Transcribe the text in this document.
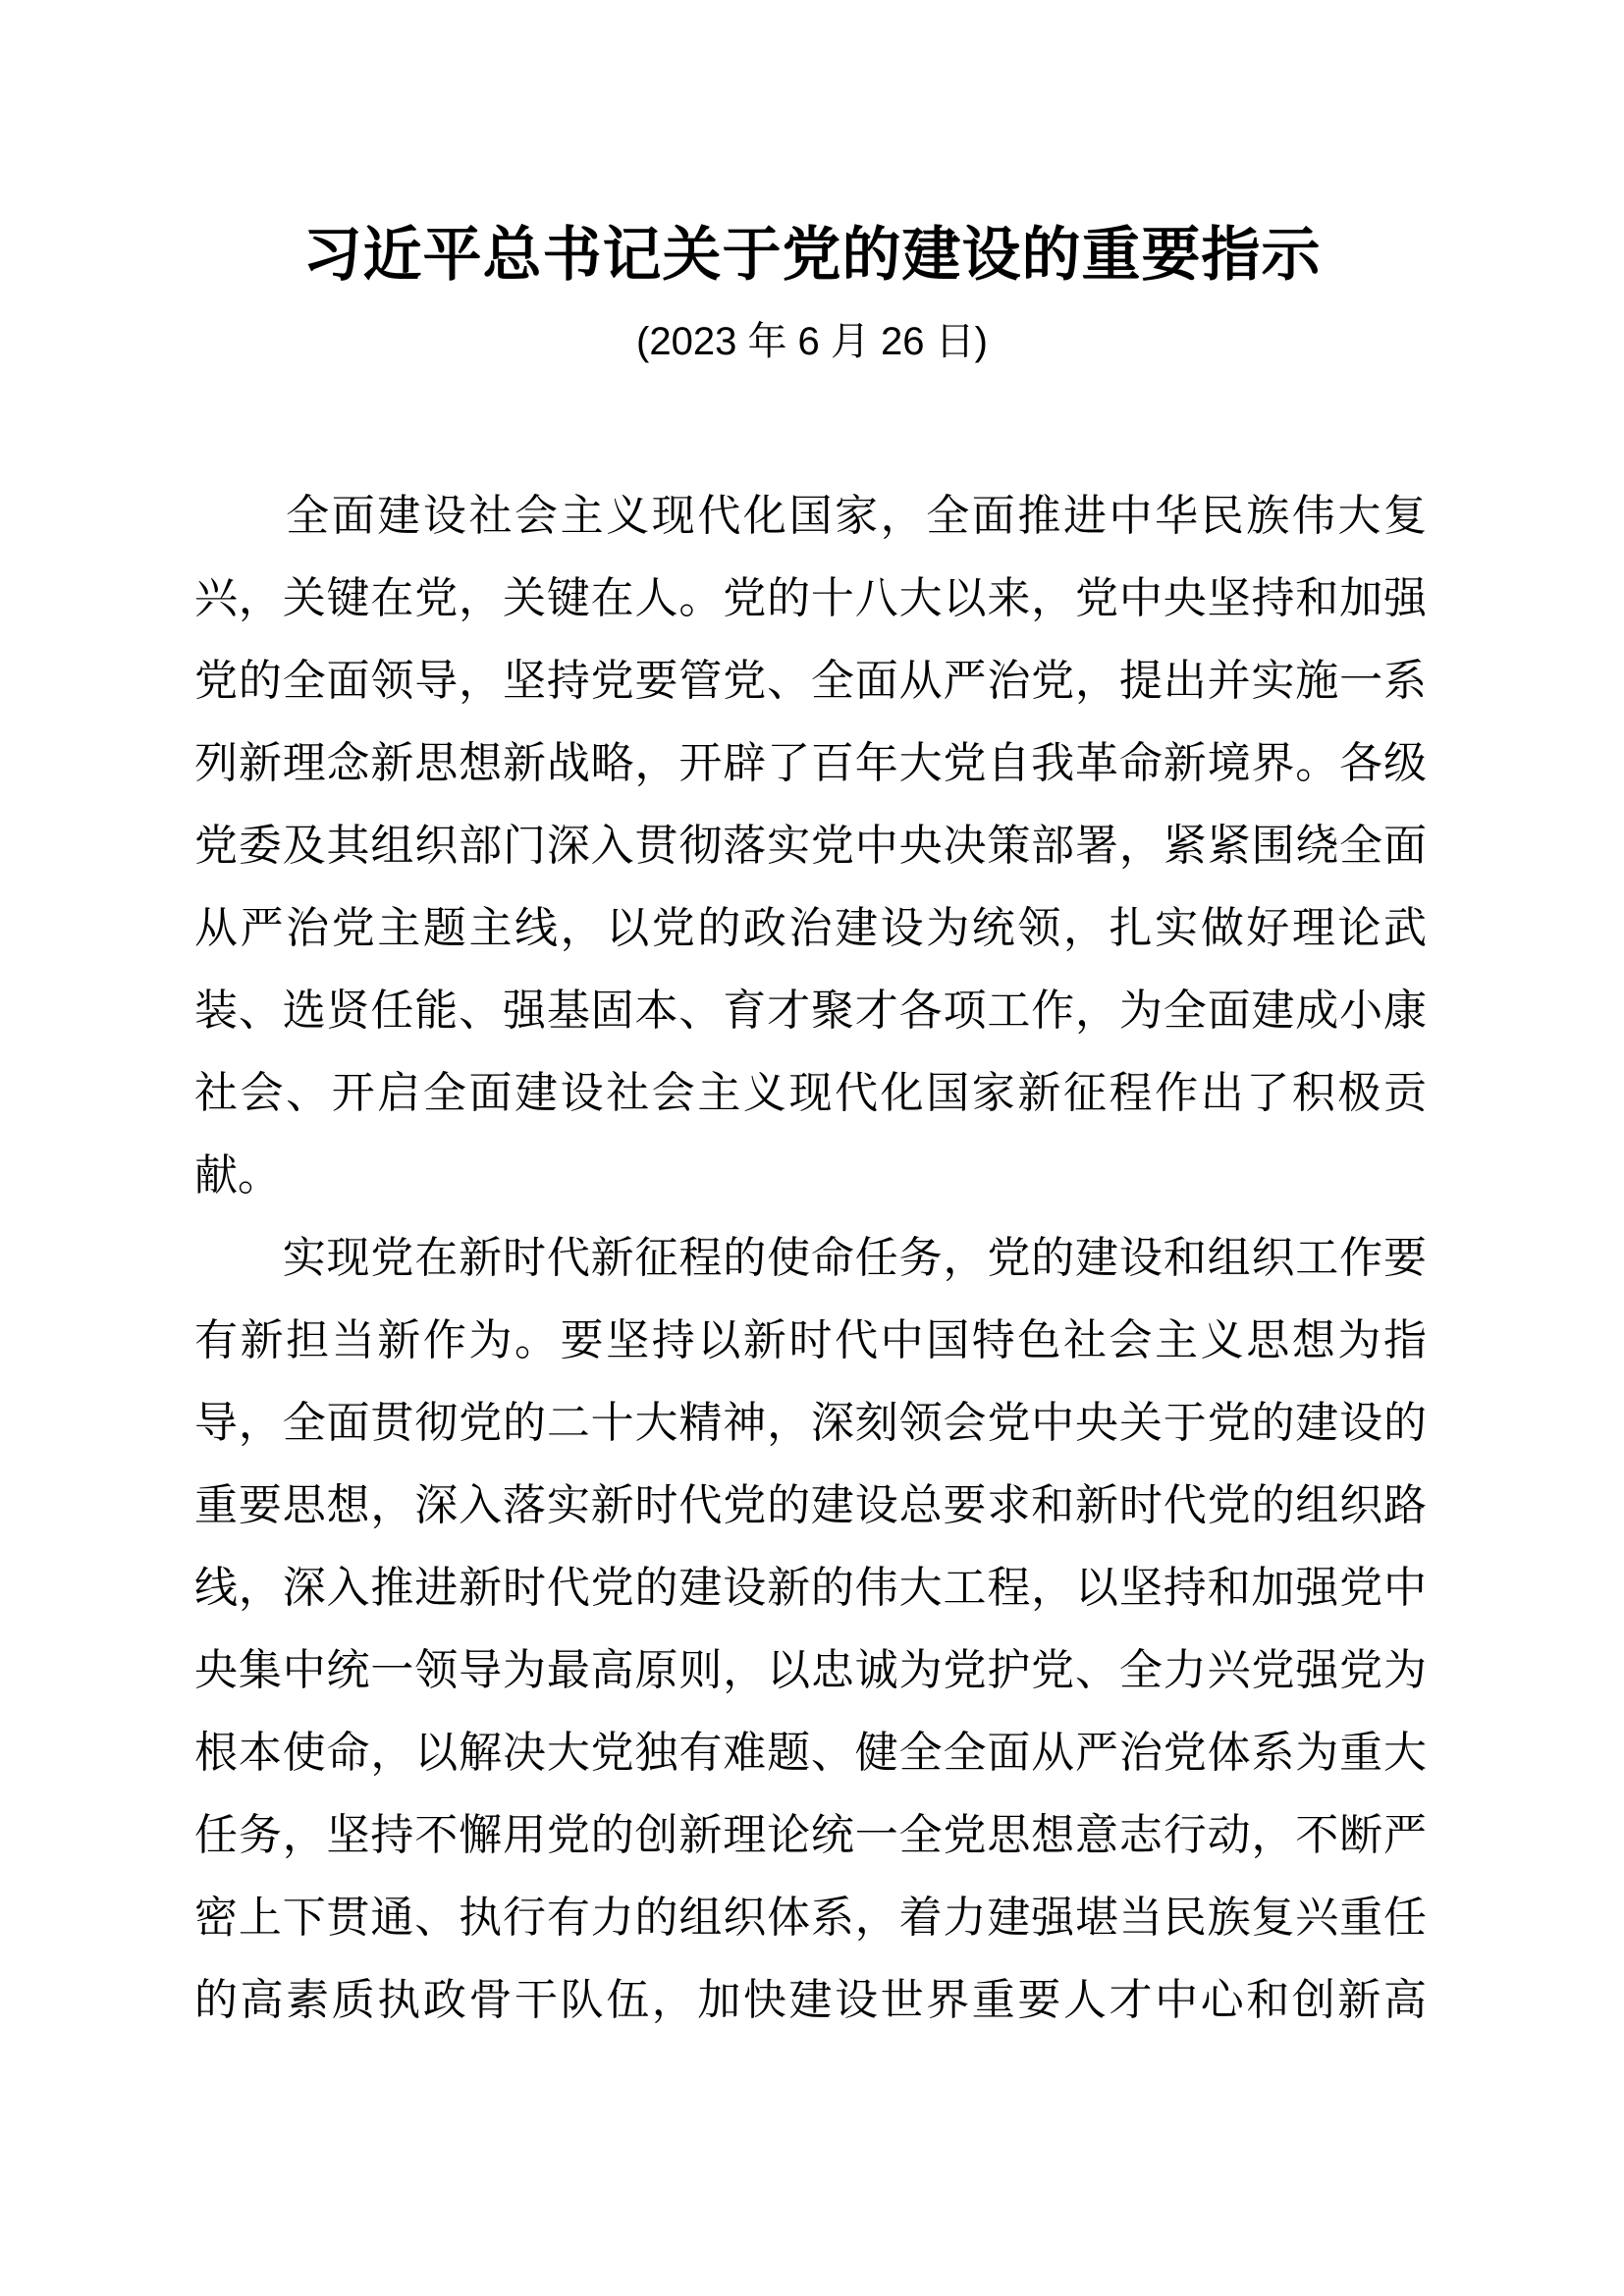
习近平总书记关于党的建设的重要指示
(2023 年 6 月 26 日)

　　全面建设社会主义现代化国家，全面推进中华民族伟大复
兴，关键在党，关键在人。党的十八大以来，党中央坚持和加强
党的全面领导，坚持党要管党、全面从严治党，提出并实施一系
列新理念新思想新战略，开辟了百年大党自我革命新境界。各级
党委及其组织部门深入贯彻落实党中央决策部署，紧紧围绕全面
从严治党主题主线，以党的政治建设为统领，扎实做好理论武
装、选贤任能、强基固本、育才聚才各项工作，为全面建成小康
社会、开启全面建设社会主义现代化国家新征程作出了积极贡
献。

　　实现党在新时代新征程的使命任务，党的建设和组织工作要
有新担当新作为。要坚持以新时代中国特色社会主义思想为指
导，全面贯彻党的二十大精神，深刻领会党中央关于党的建设的
重要思想，深入落实新时代党的建设总要求和新时代党的组织路
线，深入推进新时代党的建设新的伟大工程，以坚持和加强党中
央集中统一领导为最高原则，以忠诚为党护党、全力兴党强党为
根本使命，以解决大党独有难题、健全全面从严治党体系为重大
任务，坚持不懈用党的创新理论统一全党思想意志行动，不断严
密上下贯通、执行有力的组织体系，着力建强堪当民族复兴重任
的高素质执政骨干队伍，加快建设世界重要人才中心和创新高
